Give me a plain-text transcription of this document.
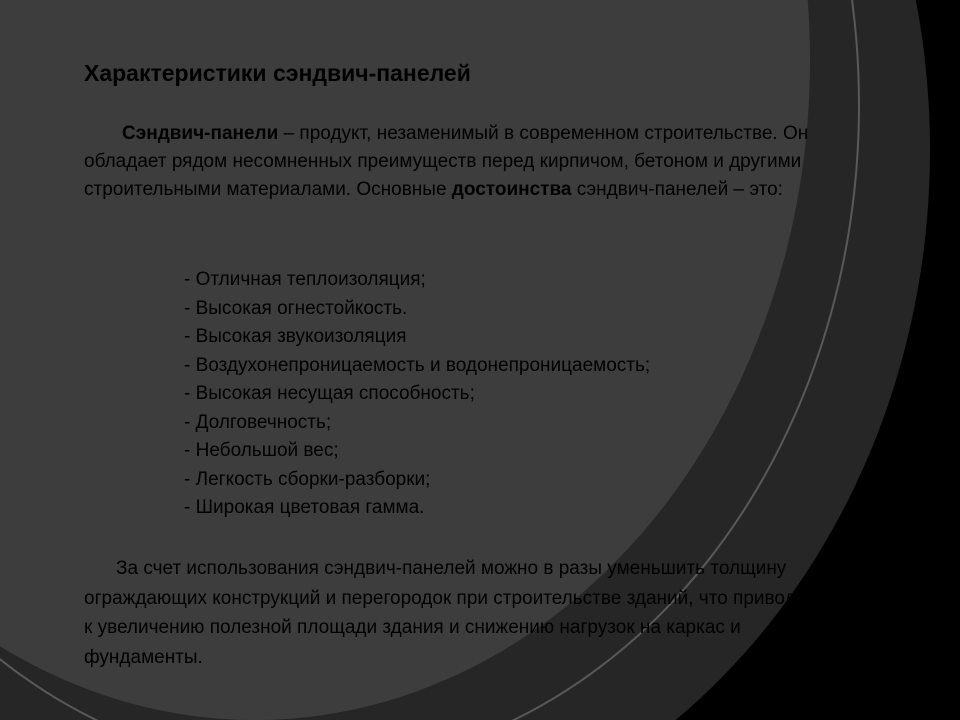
Характеристики сэндвич-панелей

Сэндвич-панели – продукт, незаменимый в современном строительстве. Он обладает рядом несомненных преимуществ перед кирпичом, бетоном и другими строительными материалами. Основные достоинства сэндвич-панелей – это:

- Отличная теплоизоляция;
- Высокая огнестойкость.
- Высокая звукоизоляция
- Воздухонепроницаемость и водонепроницаемость;
- Высокая несущая способность;
- Долговечность;
- Небольшой вес;
- Легкость сборки-разборки;
- Широкая цветовая гамма.

За счет использования сэндвич-панелей можно в разы уменьшить толщину ограждающих конструкций и перегородок при строительстве зданий, что приводит к увеличению полезной площади здания и снижению нагрузок на каркас и фундаменты.
